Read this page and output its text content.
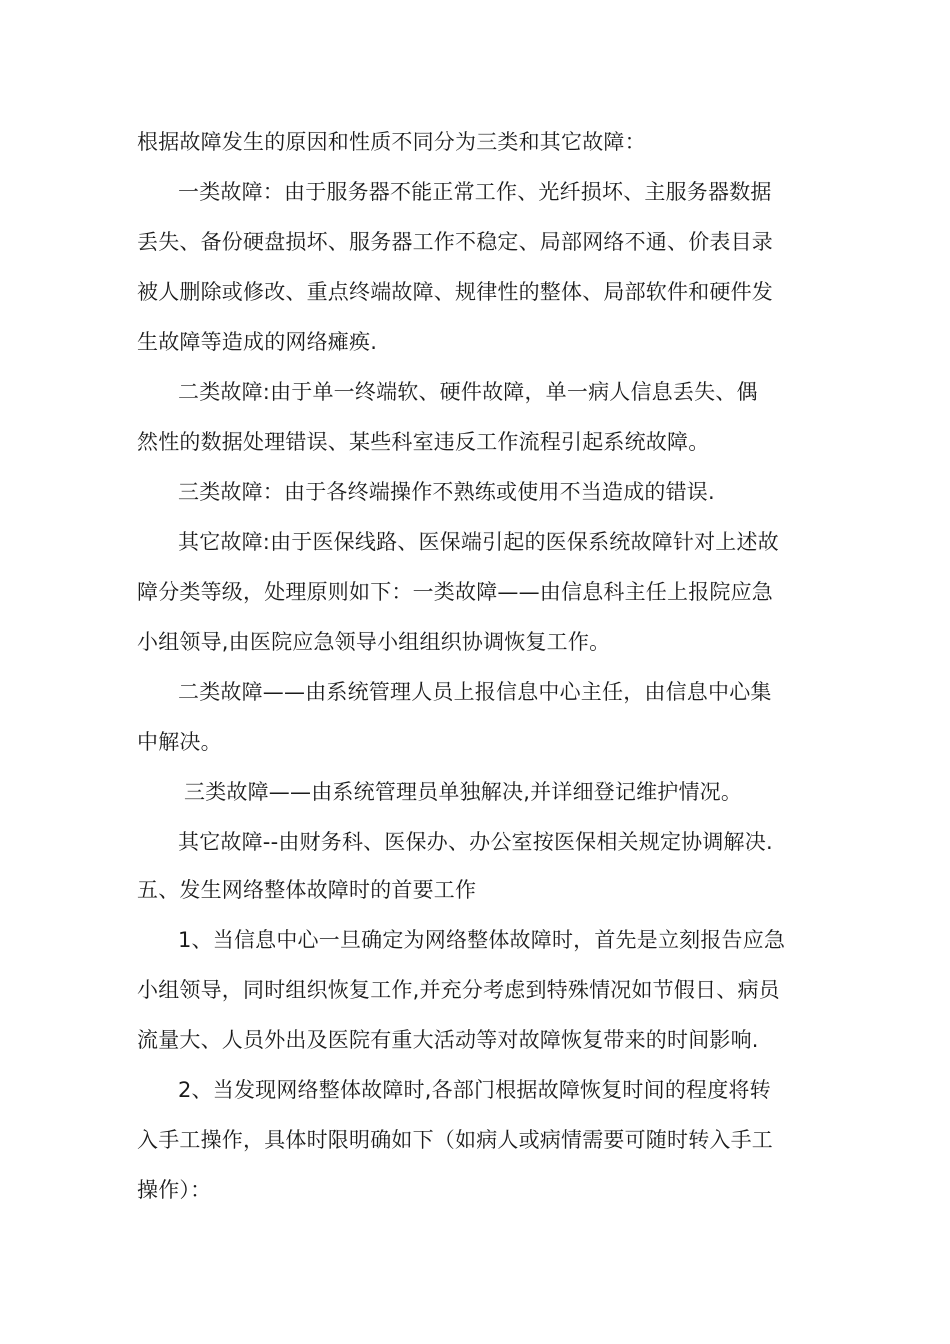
根据故障发生的原因和性质不同分为三类和其它故障：
一类故障：由于服务器不能正常工作、光纤损坏、主服务器数据
丢失、备份硬盘损坏、服务器工作不稳定、局部网络不通、价表目录
被人删除或修改、重点终端故障、规律性的整体、局部软件和硬件发
生故障等造成的网络瘫痪.
二类故障:由于单一终端软、硬件故障，单一病人信息丢失、偶
然性的数据处理错误、某些科室违反工作流程引起系统故障。
三类故障：由于各终端操作不熟练或使用不当造成的错误.
其它故障:由于医保线路、医保端引起的医保系统故障针对上述故
障分类等级，处理原则如下：一类故障——由信息科主任上报院应急
小组领导,由医院应急领导小组组织协调恢复工作。
二类故障——由系统管理人员上报信息中心主任，由信息中心集
中解决。
三类故障——由系统管理员单独解决,并详细登记维护情况。
其它故障--由财务科、医保办、办公室按医保相关规定协调解决.
五、发生网络整体故障时的首要工作
1、当信息中心一旦确定为网络整体故障时，首先是立刻报告应急
小组领导，同时组织恢复工作,并充分考虑到特殊情况如节假日、病员
流量大、人员外出及医院有重大活动等对故障恢复带来的时间影响.
2、当发现网络整体故障时,各部门根据故障恢复时间的程度将转
入手工操作，具体时限明确如下（如病人或病情需要可随时转入手工
操作）：
